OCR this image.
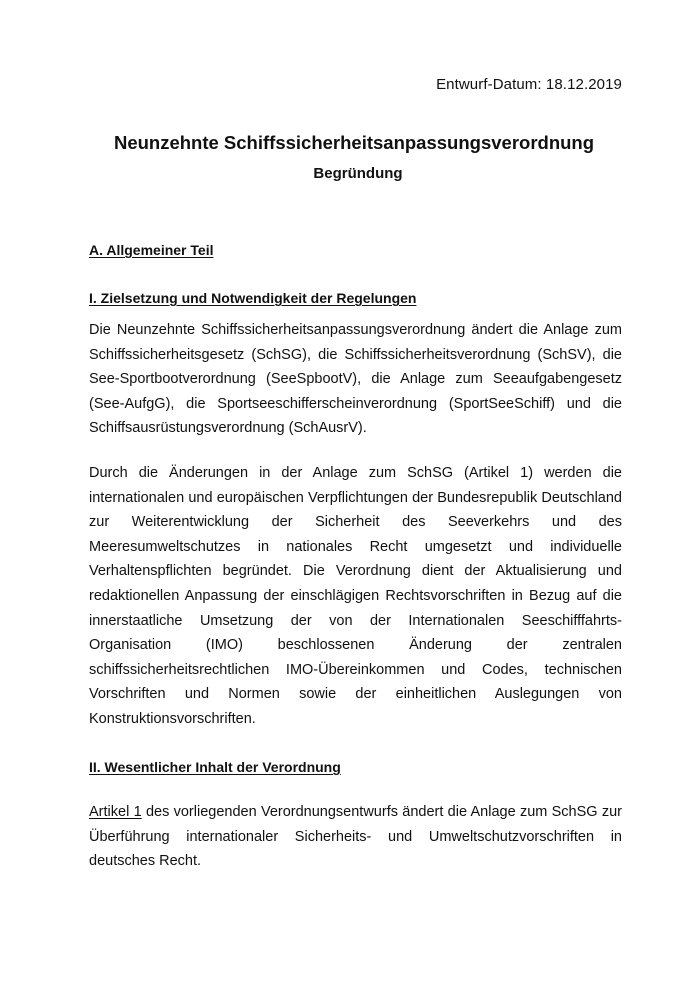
Entwurf-Datum: 18.12.2019
Neunzehnte Schiffssicherheitsanpassungsverordnung
Begründung
A. Allgemeiner Teil
I. Zielsetzung und Notwendigkeit der Regelungen
Die Neunzehnte Schiffssicherheitsanpassungsverordnung ändert die Anlage zum Schiffssicherheitsgesetz (SchSG), die Schiffssicherheitsverordnung (SchSV), die See-Sportbootverordnung (SeeSpbootV), die Anlage zum Seeaufgabengesetz (See-AufgG), die Sportseeschifferscheinverordnung (SportSeeSchiff) und die Schiffsausrüstungsverordnung (SchAusrV).
Durch die Änderungen in der Anlage zum SchSG (Artikel 1) werden die internationalen und europäischen Verpflichtungen der Bundesrepublik Deutschland zur Weiterentwicklung der Sicherheit des Seeverkehrs und des Meeresumweltschutzes in nationales Recht umgesetzt und individuelle Verhaltenspflichten begründet. Die Verordnung dient der Aktualisierung und redaktionellen Anpassung der einschlägigen Rechtsvorschriften in Bezug auf die innerstaatliche Umsetzung der von der Internationalen Seeschifffahrts-Organisation (IMO) beschlossenen Änderung der zentralen schiffssicherheitsrechtlichen IMO-Übereinkommen und Codes, technischen Vorschriften und Normen sowie der einheitlichen Auslegungen von Konstruktionsvorschriften.
II. Wesentlicher Inhalt der Verordnung
Artikel 1 des vorliegenden Verordnungsentwurfs ändert die Anlage zum SchSG zur Überführung internationaler Sicherheits- und Umweltschutzvorschriften in deutsches Recht.
